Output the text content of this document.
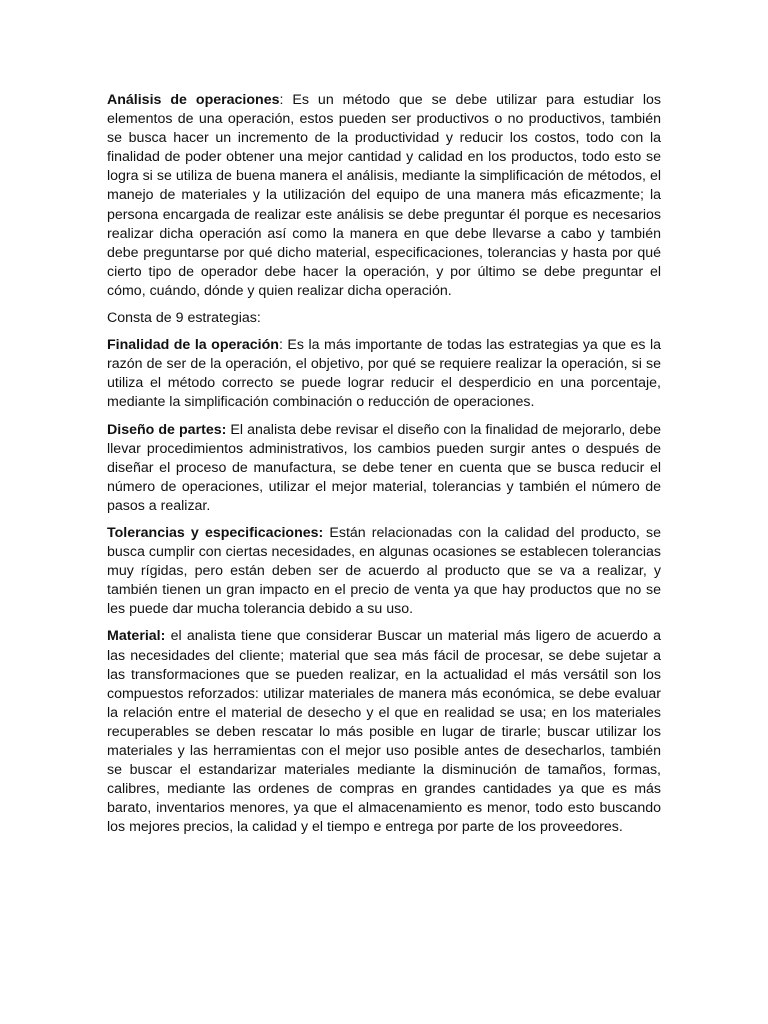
Análisis de operaciones: Es un método que se debe utilizar para estudiar los elementos de una operación, estos pueden ser productivos o no productivos, también se busca hacer un incremento de la productividad y reducir los costos, todo con la finalidad de poder obtener una mejor cantidad y calidad en los productos, todo esto se logra si se utiliza de buena manera el análisis, mediante la simplificación de métodos, el manejo de materiales y la utilización del equipo de una manera más eficazmente; la persona encargada de realizar este análisis se debe preguntar él porque es necesarios realizar dicha operación así como la manera en que debe llevarse a cabo y también debe preguntarse por qué dicho material, especificaciones, tolerancias y hasta por qué cierto tipo de operador debe hacer la operación, y por último se debe preguntar el cómo, cuándo, dónde y quien realizar dicha operación.

Consta de 9 estrategias:

Finalidad de la operación: Es la más importante de todas las estrategias ya que es la razón de ser de la operación, el objetivo, por qué se requiere realizar la operación, si se utiliza el método correcto se puede lograr reducir el desperdicio en una porcentaje, mediante la simplificación combinación o reducción de operaciones.

Diseño de partes: El analista debe revisar el diseño con la finalidad de mejorarlo, debe llevar procedimientos administrativos, los cambios pueden surgir antes o después de diseñar el proceso de manufactura, se debe tener en cuenta que se busca reducir el número de operaciones, utilizar el mejor material, tolerancias y también el número de pasos a realizar.

Tolerancias y especificaciones: Están relacionadas con la calidad del producto, se busca cumplir con ciertas necesidades, en algunas ocasiones se establecen tolerancias muy rígidas, pero están deben ser de acuerdo al producto que se va a realizar, y también tienen un gran impacto en el precio de venta ya que hay productos que no se les puede dar mucha tolerancia debido a su uso.

Material: el analista tiene que considerar Buscar un material más ligero de acuerdo a las necesidades del cliente; material que sea más fácil de procesar, se debe sujetar a las transformaciones que se pueden realizar, en la actualidad el más versátil son los compuestos reforzados: utilizar materiales de manera más económica, se debe evaluar la relación entre el material de desecho y el que en realidad se usa; en los materiales recuperables se deben rescatar lo más posible en lugar de tirarle; buscar utilizar los materiales y las herramientas con el mejor uso posible antes de desecharlos, también se buscar el estandarizar materiales mediante la disminución de tamaños, formas, calibres, mediante las ordenes de compras en grandes cantidades ya que es más barato, inventarios menores, ya que el almacenamiento es menor, todo esto buscando los mejores precios, la calidad y el tiempo e entrega por parte de los proveedores.
